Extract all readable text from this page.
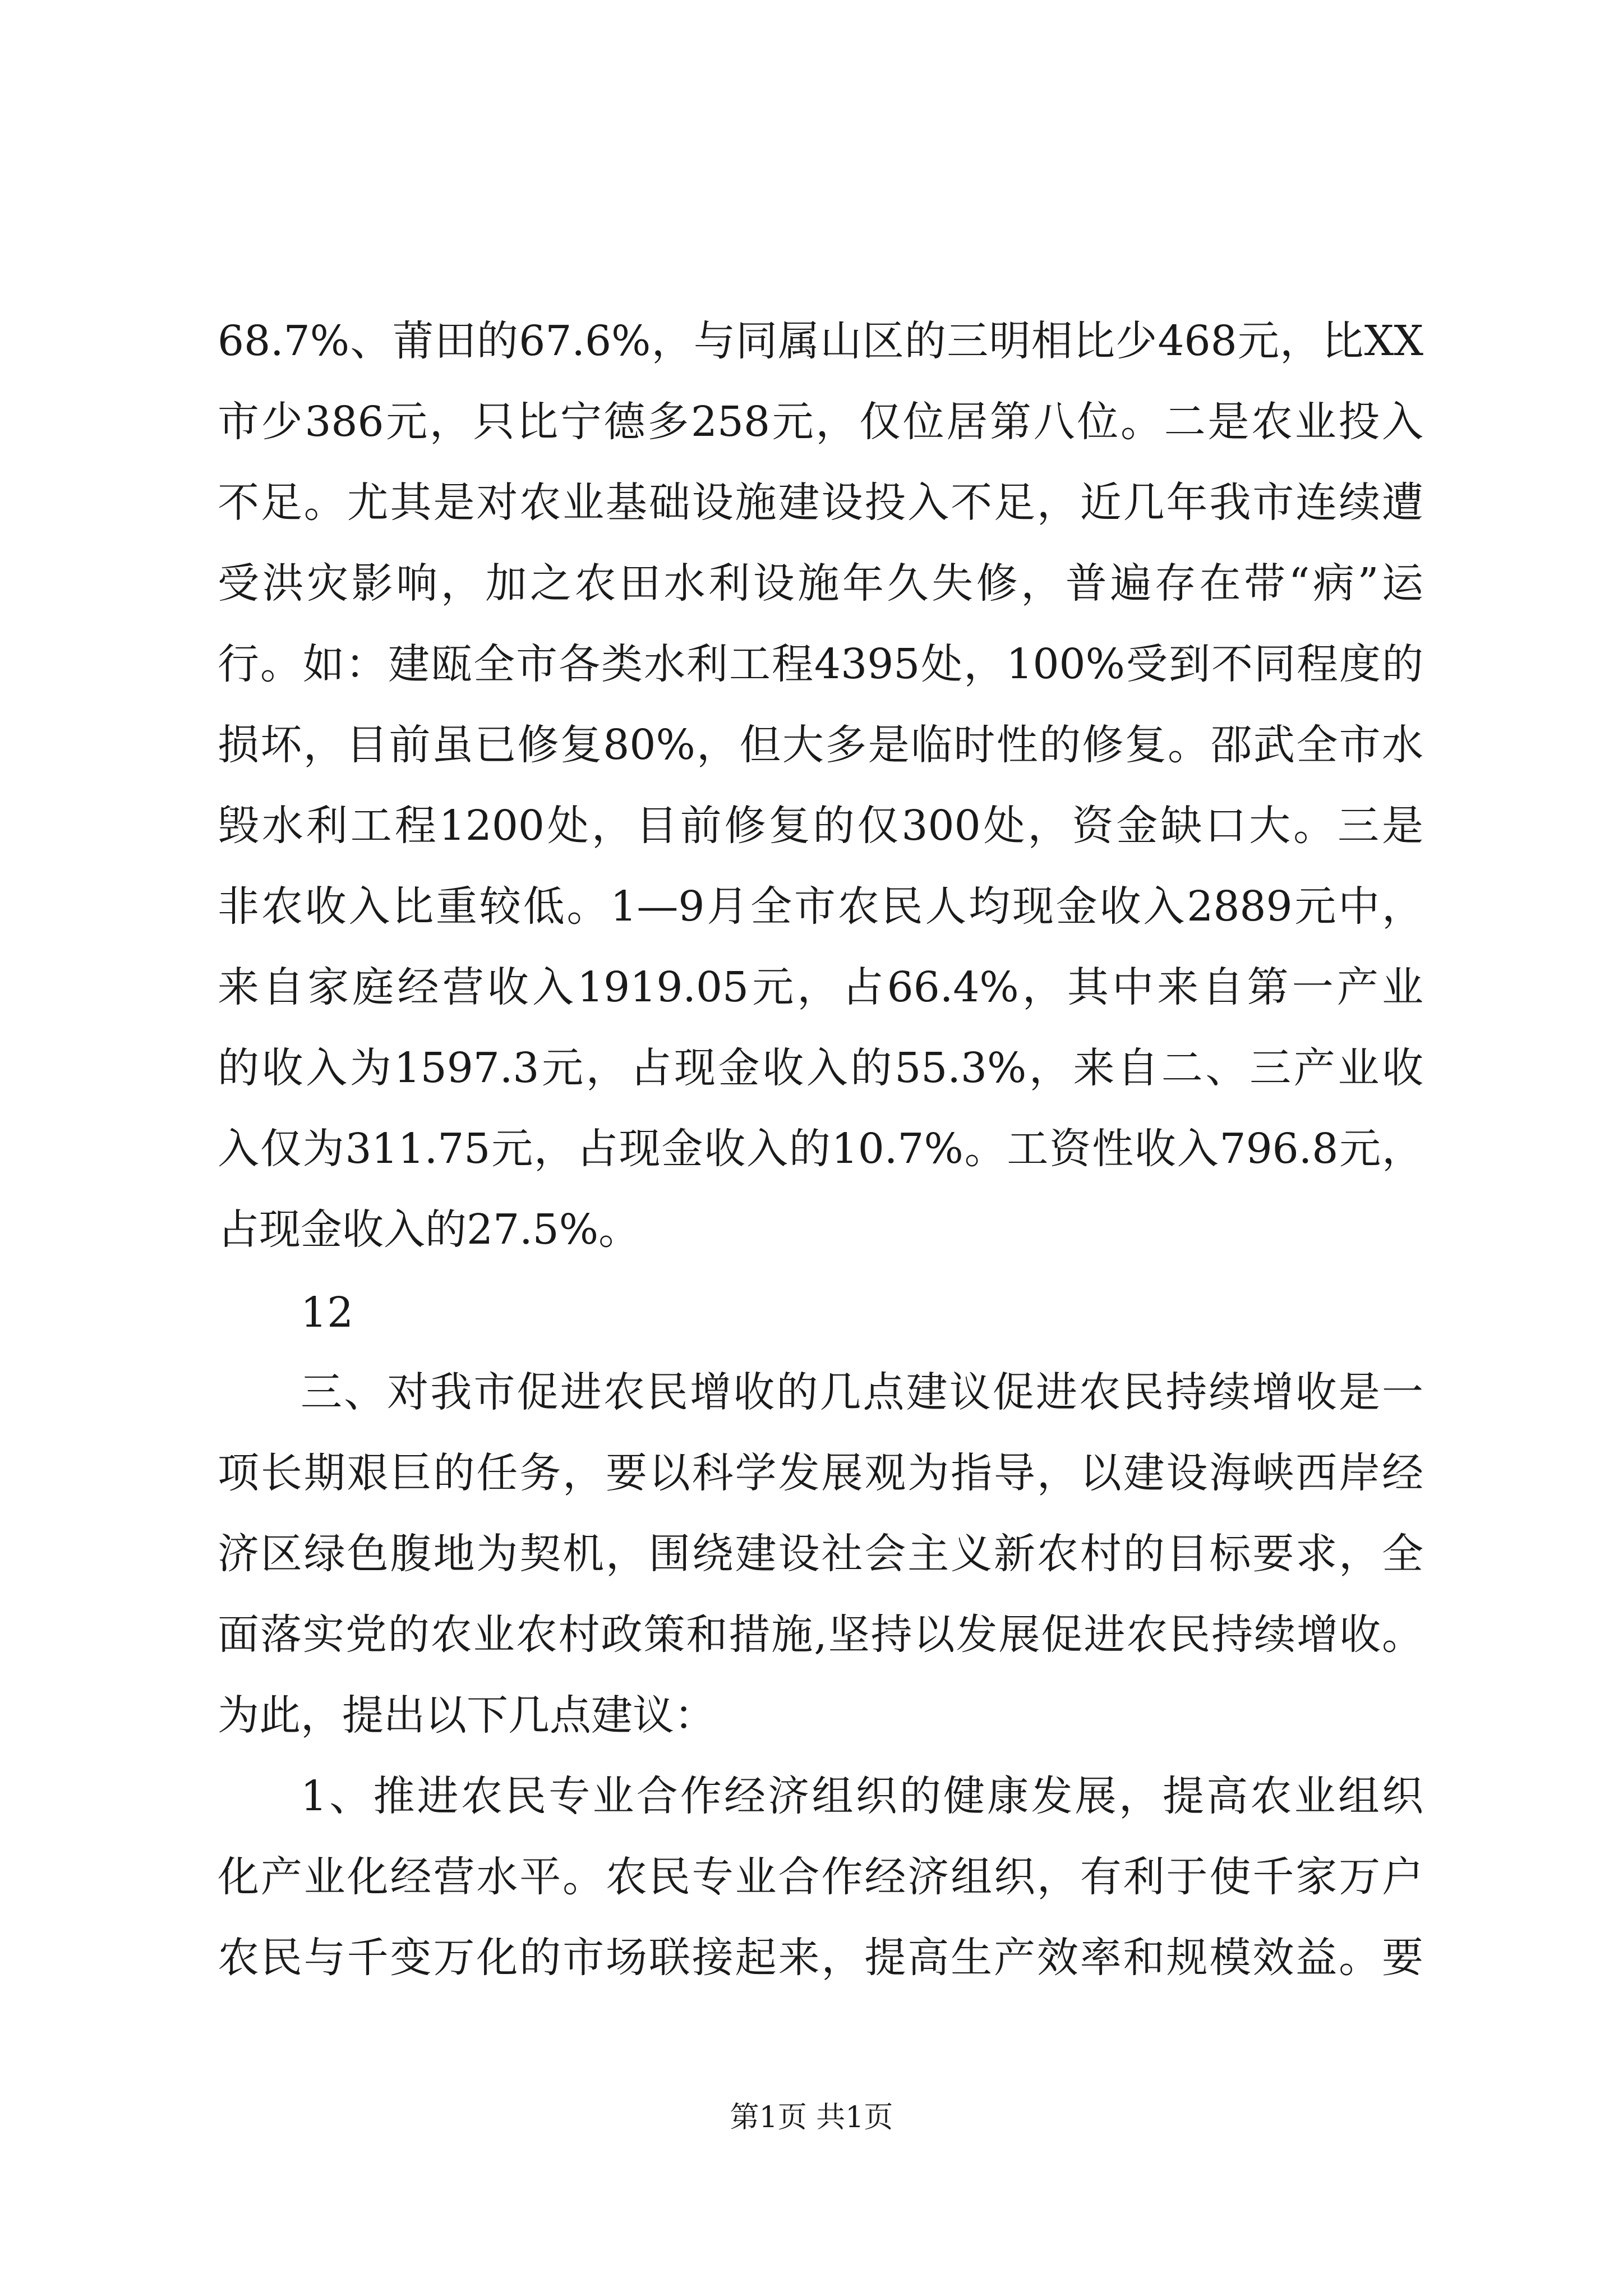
68.7%、莆田的67.6%，与同属山区的三明相比少468元，比XX
市少386元，只比宁德多258元，仅位居第八位。二是农业投入
不足。尤其是对农业基础设施建设投入不足，近几年我市连续遭
受洪灾影响，加之农田水利设施年久失修，普遍存在带“病”运
行。如：建瓯全市各类水利工程4395处，100%受到不同程度的
损坏，目前虽已修复80%，但大多是临时性的修复。邵武全市水
毁水利工程1200处，目前修复的仅300处，资金缺口大。三是
非农收入比重较低。1—9月全市农民人均现金收入2889元中，
来自家庭经营收入1919.05元，占66.4%，其中来自第一产业
的收入为1597.3元，占现金收入的55.3%，来自二、三产业收
入仅为311.75元，占现金收入的10.7%。工资性收入796.8元，
占现金收入的27.5%。
12
三、对我市促进农民增收的几点建议促进农民持续增收是一
项长期艰巨的任务，要以科学发展观为指导，以建设海峡西岸经
济区绿色腹地为契机，围绕建设社会主义新农村的目标要求，全
面落实党的农业农村政策和措施,坚持以发展促进农民持续增收。
为此，提出以下几点建议：
1、推进农民专业合作经济组织的健康发展，提高农业组织
化产业化经营水平。农民专业合作经济组织，有利于使千家万户
农民与千变万化的市场联接起来，提高生产效率和规模效益。要
第1页 共1页
